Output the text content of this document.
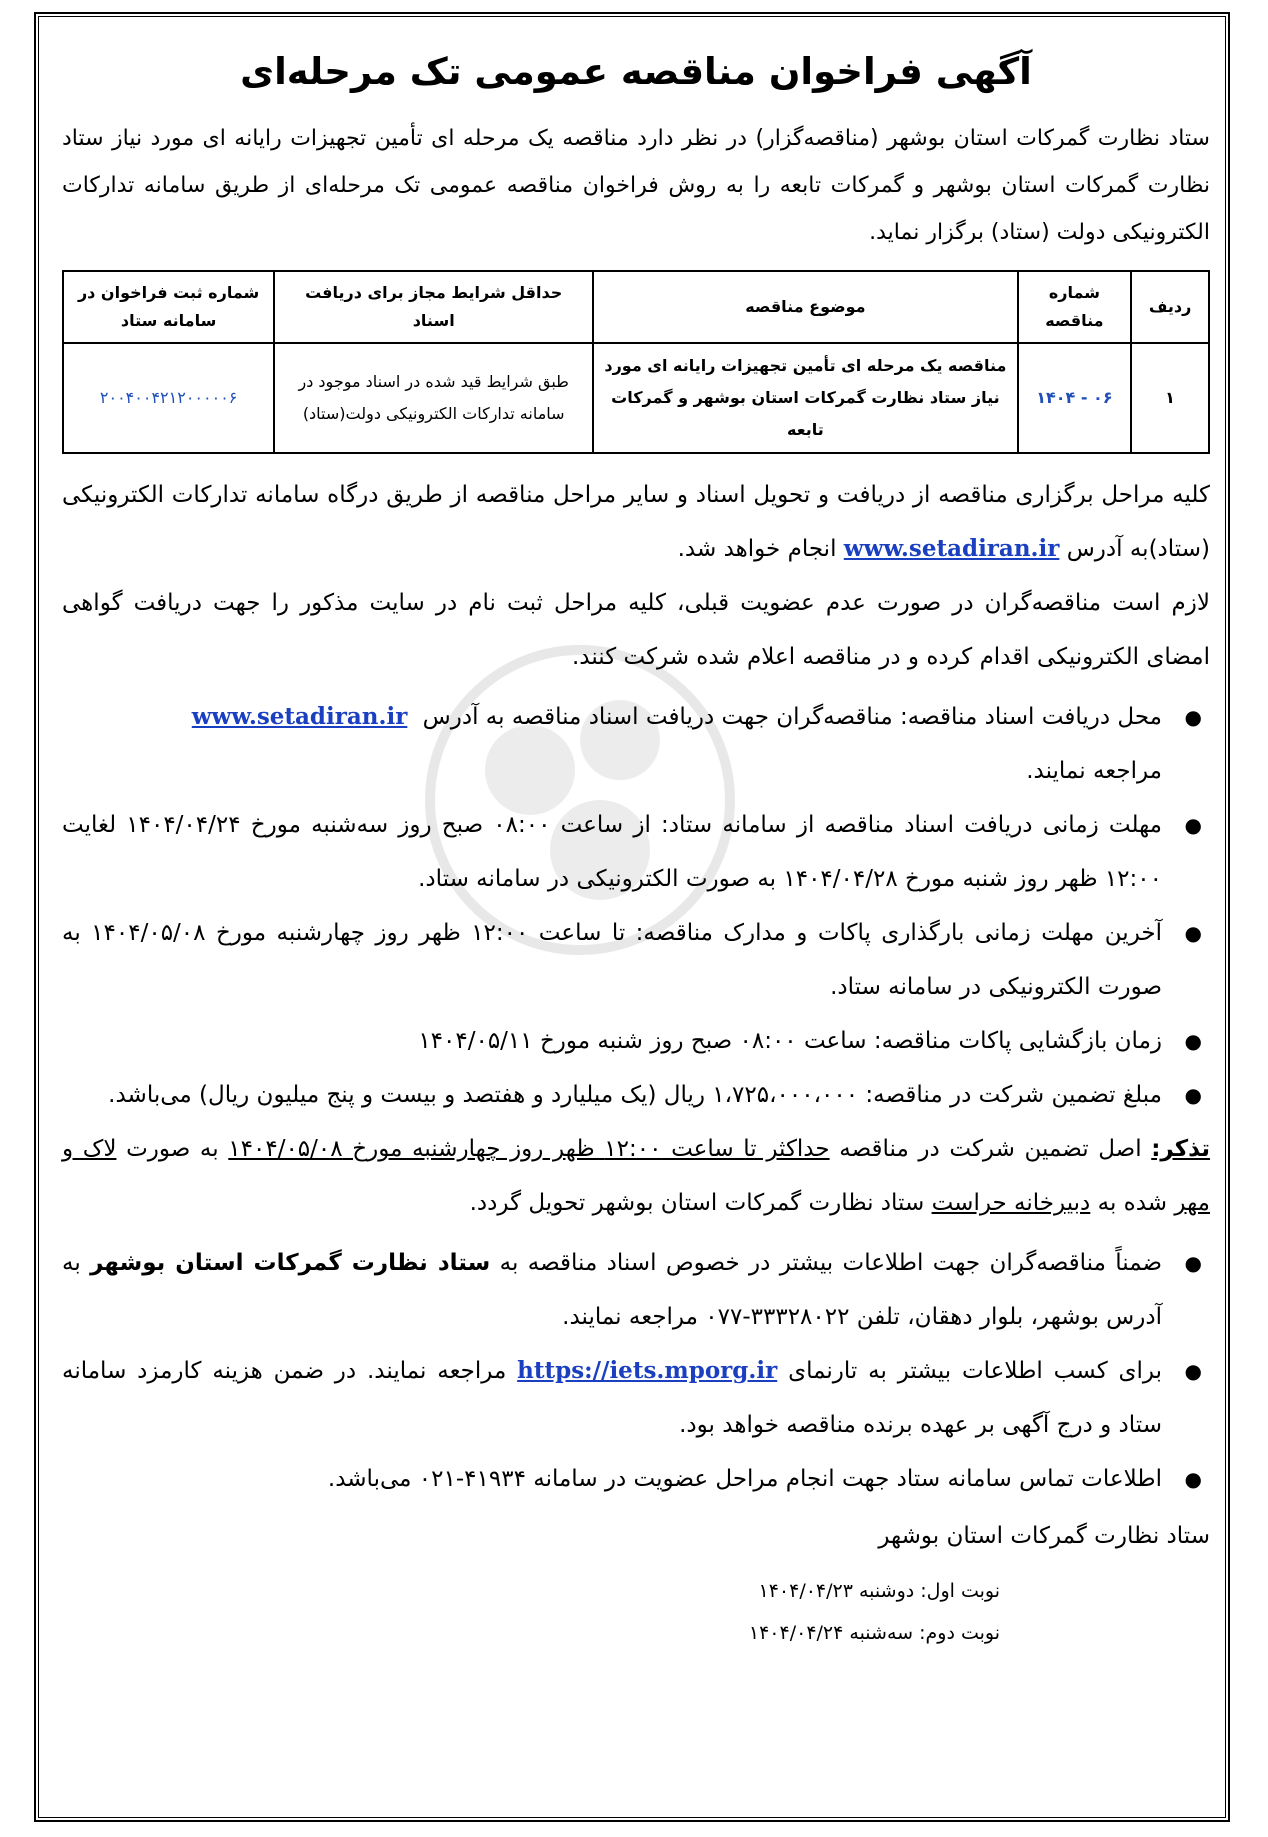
آگهی فراخوان مناقصه عمومی تک مرحله‌ای

ستاد نظارت گمرکات استان بوشهر (مناقصه‌گزار) در نظر دارد مناقصه یک مرحله ای تأمین تجهیزات رایانه ای مورد نیاز ستاد نظارت گمرکات استان بوشهر و گمرکات تابعه را به روش فراخوان مناقصه عمومی تک مرحله‌ای از طریق سامانه تدارکات الکترونیکی دولت (ستاد) برگزار نماید.

ردیف	شماره مناقصه	موضوع مناقصه	حداقل شرایط مجاز برای دریافت اسناد	شماره ثبت فراخوان در سامانه ستاد
۱	۰۶ - ۱۴۰۴	مناقصه یک مرحله ای تأمین تجهیزات رایانه ای مورد نیاز ستاد نظارت گمرکات استان بوشهر و گمرکات تابعه	طبق شرایط قید شده در اسناد موجود در سامانه تدارکات الکترونیکی دولت(ستاد)	۲۰۰۴۰۰۴۲۱۲۰۰۰۰۰۶

کلیه مراحل برگزاری مناقصه از دریافت و تحویل اسناد و سایر مراحل مناقصه از طریق درگاه سامانه تدارکات الکترونیکی (ستاد)به آدرس www.setadiran.ir انجام خواهد شد.

لازم است مناقصه‌گران در صورت عدم عضویت قبلی، کلیه مراحل ثبت نام در سایت مذکور را جهت دریافت گواهی امضای الکترونیکی اقدام کرده و در مناقصه اعلام شده شرکت کنند.

●
محل دریافت اسناد مناقصه: مناقصه‌گران جهت دریافت اسناد مناقصه به آدرس www.setadiran.ir
مراجعه نمایند.
●
مهلت زمانی دریافت اسناد مناقصه از سامانه ستاد: از ساعت ۰۸:۰۰ صبح روز سه‌شنبه مورخ ۱۴۰۴/۰۴/۲۴ لغایت ۱۲:۰۰ ظهر روز شنبه مورخ ۱۴۰۴/۰۴/۲۸ به صورت الکترونیکی در سامانه ستاد.
●
آخرین مهلت زمانی بارگذاری پاکات و مدارک مناقصه: تا ساعت ۱۲:۰۰ ظهر روز چهارشنبه مورخ ۱۴۰۴/۰۵/۰۸ به صورت الکترونیکی در سامانه ستاد.
●
زمان بازگشایی پاکات مناقصه: ساعت ۰۸:۰۰ صبح روز شنبه مورخ ۱۴۰۴/۰۵/۱۱
●
مبلغ تضمین شرکت در مناقصه: ۱،۷۲۵،۰۰۰،۰۰۰ ریال (یک میلیارد و هفتصد و بیست و پنج میلیون ریال) می‌باشد.

تذکر: اصل تضمین شرکت در مناقصه حداکثر تا ساعت ۱۲:۰۰ ظهر روز چهارشنبه مورخ ۱۴۰۴/۰۵/۰۸ به صورت لاک و مهر شده به دبیرخانه حراست ستاد نظارت گمرکات استان بوشهر تحویل گردد.

●
ضمناً مناقصه‌گران جهت اطلاعات بیشتر در خصوص اسناد مناقصه به ستاد نظارت گمرکات استان بوشهر به آدرس بوشهر، بلوار دهقان، تلفن ۳۳۳۲۸۰۲۲-۰۷۷ مراجعه نمایند.
●
برای کسب اطلاعات بیشتر به تارنمای https://iets.mporg.ir مراجعه نمایند. در ضمن هزینه کارمزد سامانه ستاد و درج آگهی بر عهده برنده مناقصه خواهد بود.
●
اطلاعات تماس سامانه ستاد جهت انجام مراحل عضویت در سامانه ۴۱۹۳۴-۰۲۱ می‌باشد.
ستاد نظارت گمرکات استان بوشهر
نوبت اول: دوشنبه ۱۴۰۴/۰۴/۲۳
نوبت دوم: سه‌شنبه ۱۴۰۴/۰۴/۲۴
